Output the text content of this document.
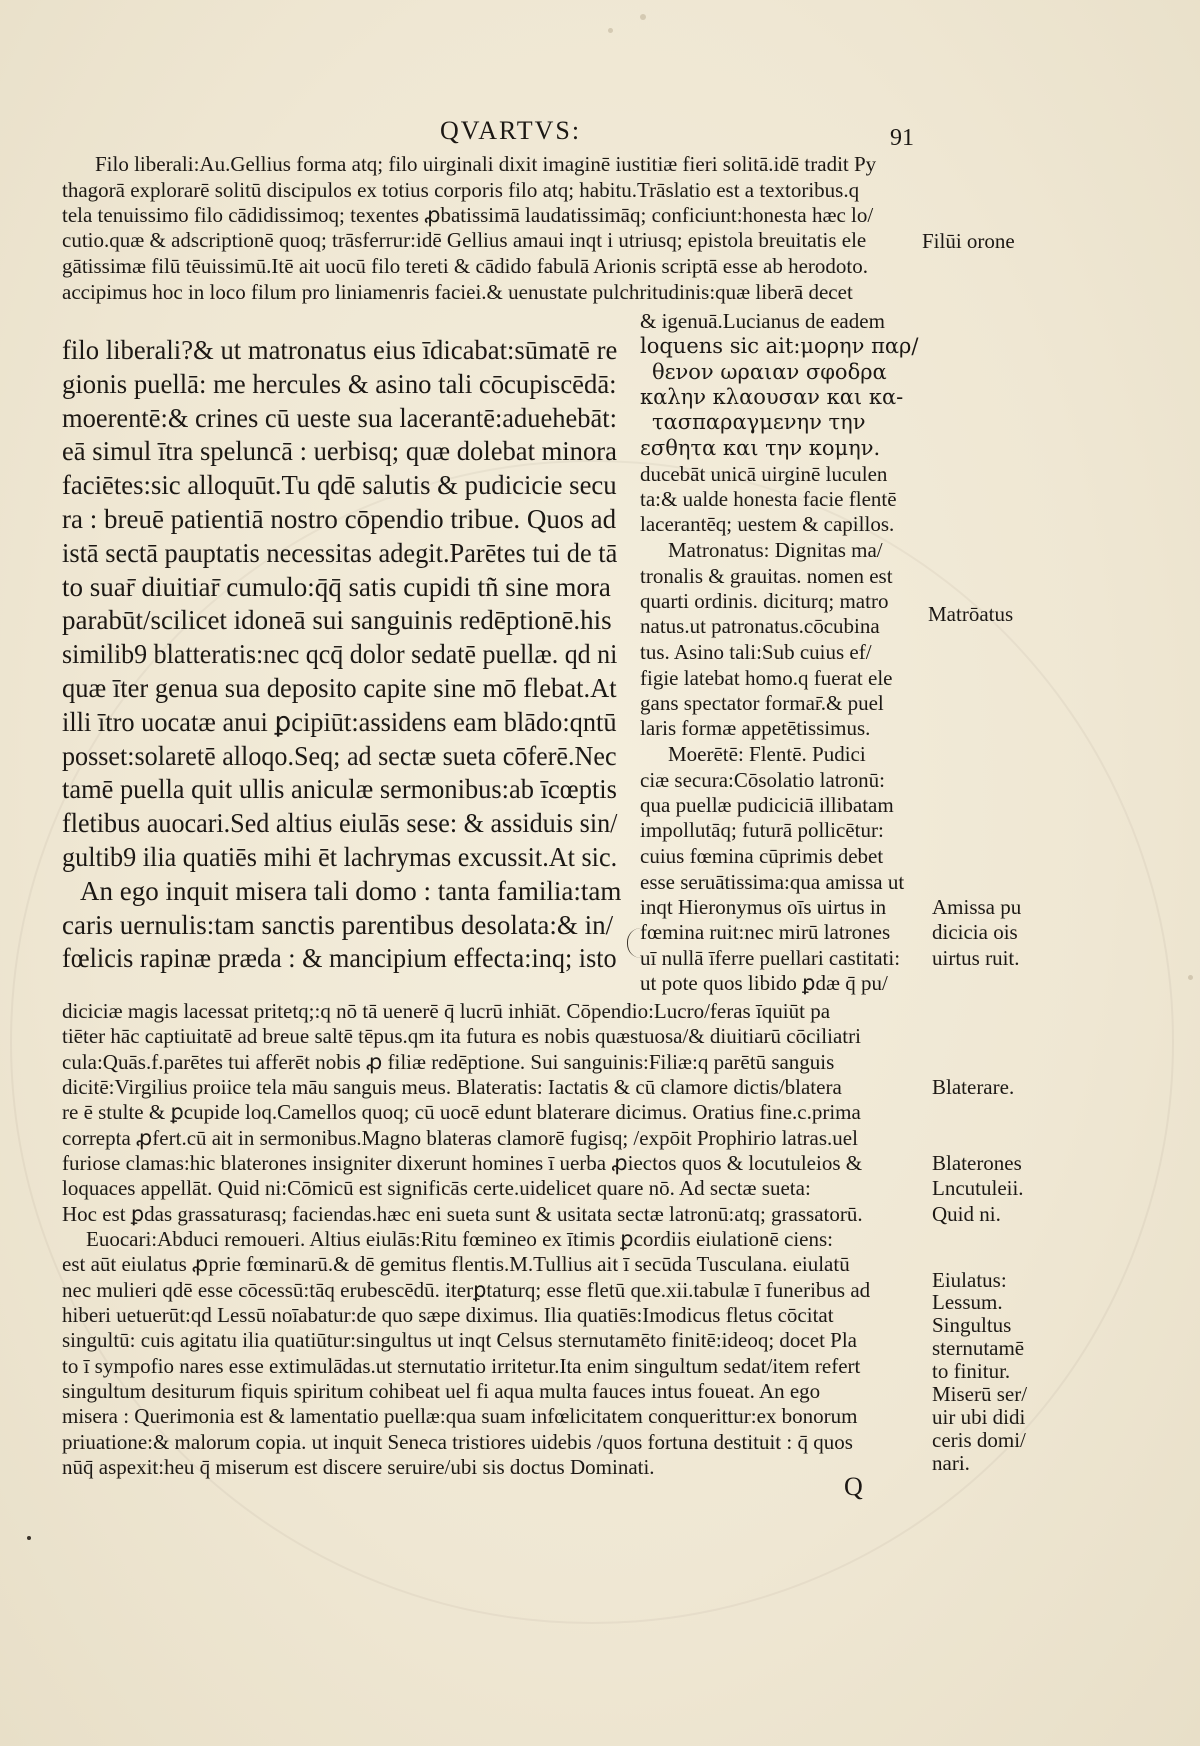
QVARTVS:	91
Filo liberali:Au.Gellius forma atq; filo uirginali dixit imaginē iustitiæ fieri solitā.idē tradit Py
thagorā explorarē solitū discipulos ex totius corporis filo atq; habitu.Trāslatio est a textoribus.q
tela tenuissimo filo cādidissimoq; texentes ꝓbatissimā laudatissimāq; conficiunt:honesta hæc lo/
cutio.quæ & adscriptionē quoq; trāsferrur:idē Gellius amaui inqt i utriusq; epistola breuitatis ele
gātissimæ filū tēuissimū.Itē ait uocū filo tereti & cādido fabulā Arionis scriptā esse ab herodoto.
accipimus hoc in loco filum pro liniamenris faciei.& uenustate pulchritudinis:quæ liberā decet
filo liberali?& ut matronatus eius īdicabat:sūmatē re
gionis puellā: me hercules & asino tali cōcupiscēdā:
moerentē:& crines cū ueste sua lacerantē:aduehebāt:
eā simul ītra speluncā : uerbisq; quæ dolebat minora
faciētes:sic alloquūt.Tu qdē salutis & pudicicie secu
ra : breuē patientiā nostro cōpendio tribue. Quos ad
istā sectā pauptatis necessitas adegit.Parētes tui de tā
to suar̄ diuitiar̄ cumulo:q̄q̄ satis cupidi tñ sine mora
parabūt/scilicet idoneā sui sanguinis redēptionē.his
similib9 blatteratis:nec qcq̄ dolor sedatē puellæ. qd ni
quæ īter genua sua deposito capite sine mō flebat.At
illi ītro uocatæ anui ꝑcipiūt:assidens eam blādo:qntū
posset:solaretē alloqo.Seq; ad sectæ sueta cōferē.Nec
tamē puella quit ullis aniculæ sermonibus:ab īcœptis
fletibus auocari.Sed altius eiulās sese: & assiduis sin/
gultib9 ilia quatiēs mihi ēt lachrymas excussit.At sic.
An ego inquit misera tali domo : tanta familia:tam
caris uernulis:tam sanctis parentibus desolata:& in/
fœlicis rapinæ præda : & mancipium effecta:inq; isto
& igenuā.Lucianus de eadem
loquens sic ait:μορην παρ/
θενον ωραιαν σφοδρα
καλην κλαουσαν και κα-
τασπαραγμενην την
εσθητα και την κομην.
ducebāt unicā uirginē luculen
ta:& ualde honesta facie flentē
lacerantēq; uestem & capillos.
Matronatus: Dignitas ma/
tronalis & grauitas. nomen est
quarti ordinis. diciturq; matro
natus.ut patronatus.cōcubina
tus. Asino tali:Sub cuius ef/
figie latebat homo.q fuerat ele
gans spectator formar̄.& puel
laris formæ appetētissimus.
Moerētē: Flentē. Pudici
ciæ secura:Cōsolatio latronū:
qua puellæ pudiciciā illibatam
impollutāq; futurā pollicētur:
cuius fœmina cūprimis debet
esse seruātissima:qua amissa ut
inqt Hieronymus oīs uirtus in
fœmina ruit:nec mirū latrones
uī nullā īferre puellari castitati:
ut pote quos libido ꝑdæ q̄ pu/
diciciæ magis lacessat pritetq;:q nō tā uenerē q̄ lucrū inhiāt. Cōpendio:Lucro/feras īquiūt pa
tiēter hāc captiuitatē ad breue saltē tēpus.qm ita futura es nobis quæstuosa/& diuitiarū cōciliatri
cula:Quās.f.parētes tui afferēt nobis ꝓ filiæ redēptione. Sui sanguinis:Filiæ:q parētū sanguis
dicitē:Virgilius proiice tela māu sanguis meus. Blateratis: Iactatis & cū clamore dictis/blatera
re ē stulte & ꝑcupide loq.Camellos quoq; cū uocē edunt blaterare dicimus. Oratius fine.c.prima
correpta ꝓfert.cū ait in sermonibus.Magno blateras clamorē fugisq; /expōit Prophirio latras.uel
furiose clamas:hic blaterones insigniter dixerunt homines ī uerba ꝓiectos quos & locutuleios &
loquaces appellāt. Quid ni:Cōmicū est significās certe.uidelicet quare nō. Ad sectæ sueta:
Hoc est ꝑdas grassaturasq; faciendas.hæc eni sueta sunt & usitata sectæ latronū:atq; grassatorū.
Euocari:Abduci remoueri. Altius eiulās:Ritu fœmineo ex ītimis ꝑcordiis eiulationē ciens:
est aūt eiulatus ꝓprie fœminarū.& dē gemitus flentis.M.Tullius ait ī secūda Tusculana. eiulatū
nec mulieri qdē esse cōcessū:tāq erubescēdū. iterꝑtaturq; esse fletū que.xii.tabulæ ī funeribus ad
hiberi uetuerūt:qd Lessū noīabatur:de quo sæpe diximus. Ilia quatiēs:Imodicus fletus cōcitat
singultū: cuis agitatu ilia quatiūtur:singultus ut inqt Celsus sternutamēto finitē:ideoq; docet Pla
to ī sympofio nares esse extimulādas.ut sternutatio irritetur.Ita enim singultum sedat/item refert
singultum desiturum fiquis spiritum cohibeat uel fi aqua multa fauces intus foueat. An ego
misera : Querimonia est & lamentatio puellæ:qua suam infœlicitatem conquerittur:ex bonorum
priuatione:& malorum copia. ut inquit Seneca tristiores uidebis /quos fortuna destituit : q̄ quos
nūq̄ aspexit:heu q̄ miserum est discere seruire/ubi sis doctus Dominati.
Filūi orone
Matrōatus
Amissa pu
dicicia ois
uirtus ruit.
Blaterare.
Blaterones
Lncutuleii.
Quid ni.
Eiulatus:
Lessum.
Singultus
sternutamē
to finitur.
Miserū ser/
uir ubi didi
ceris domi/
nari.
Q
